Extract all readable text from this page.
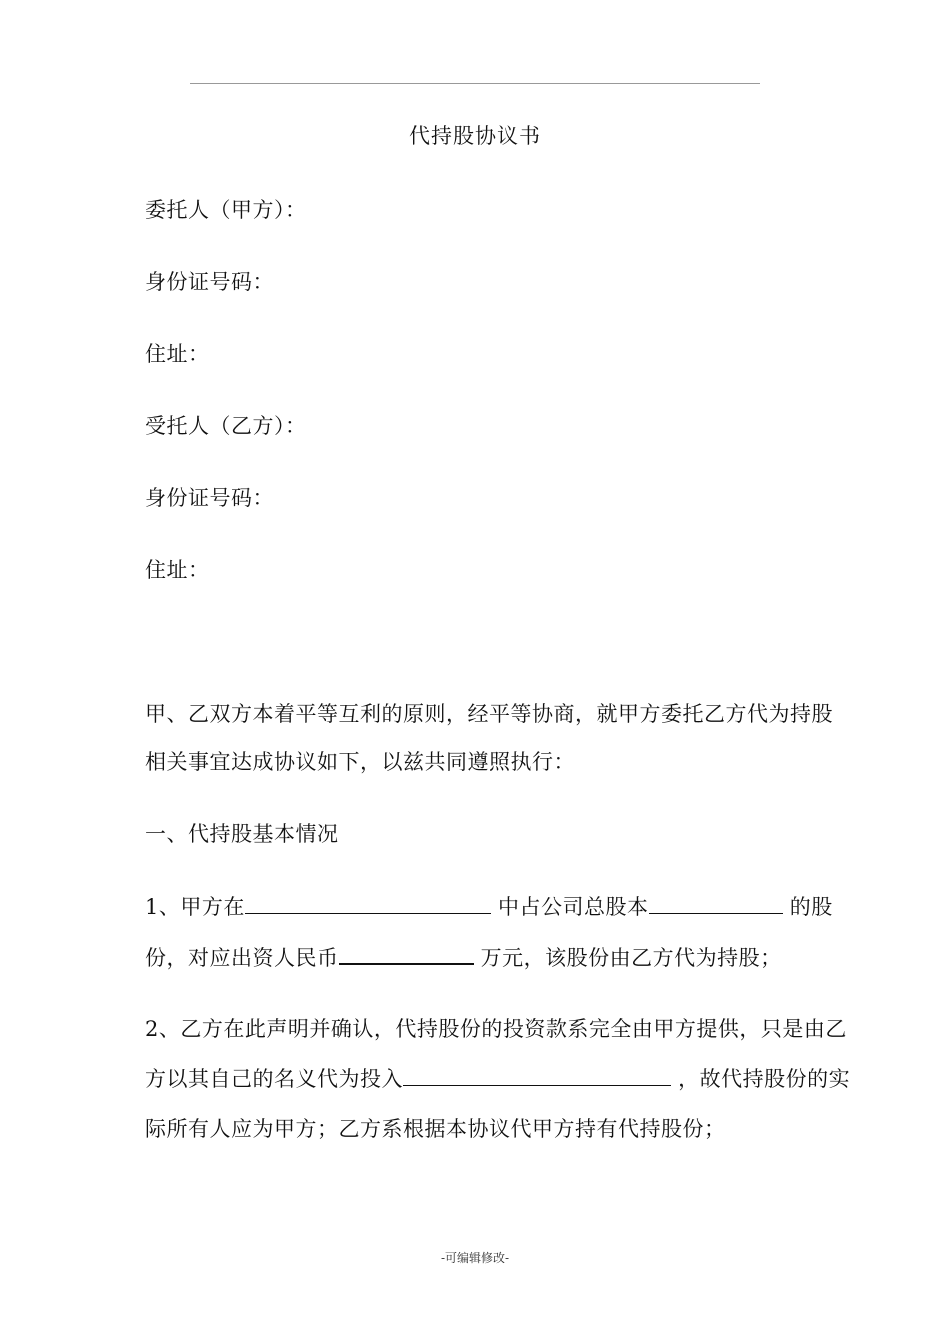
代持股协议书
委托人（甲方）：
身份证号码：
住址：
受托人（乙方）：
身份证号码：
住址：
甲、乙双方本着平等互利的原则，经平等协商，就甲方委托乙方代为持股
相关事宜达成协议如下，以兹共同遵照执行：
一、代持股基本情况
1、甲方在	中占公司总股本	的股
份，对应出资人民币	万元，该股份由乙方代为持股；
2、乙方在此声明并确认，代持股份的投资款系完全由甲方提供，只是由乙
方以其自己的名义代为投入	，故代持股份的实
际所有人应为甲方；乙方系根据本协议代甲方持有代持股份；
-可编辑修改-
